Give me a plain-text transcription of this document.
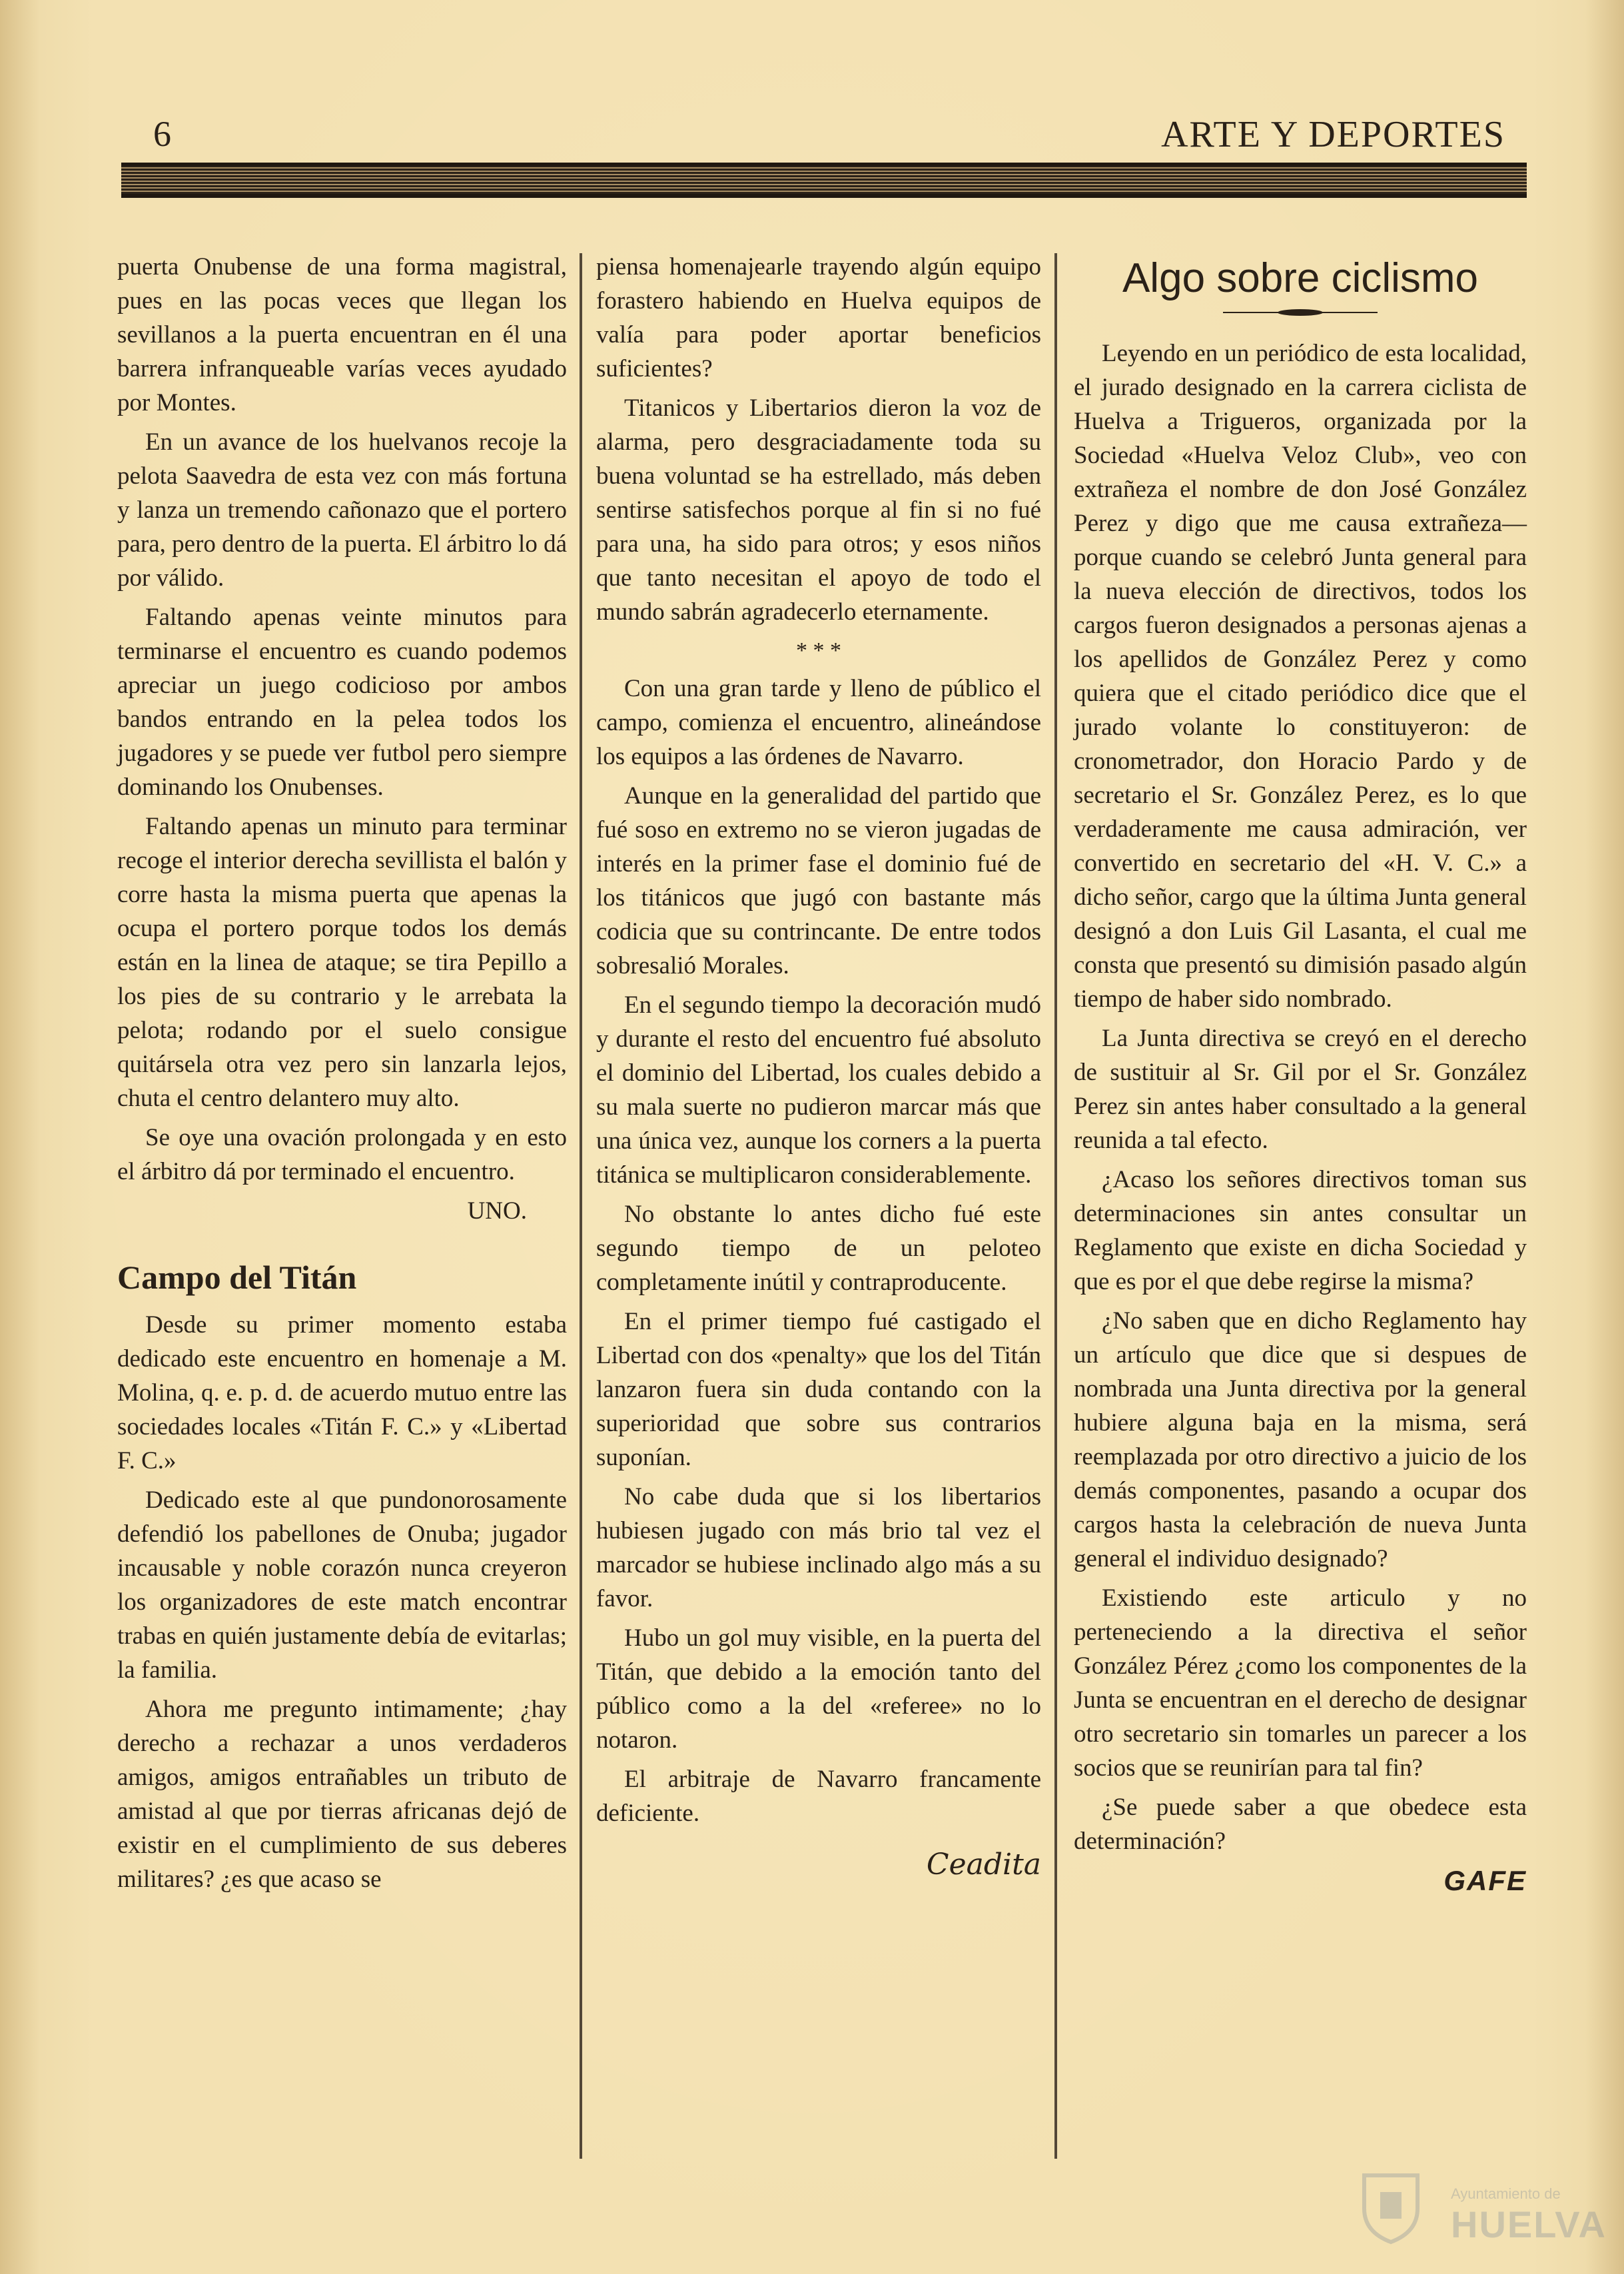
6	ARTE Y DEPORTES

puerta Onubense de una forma magistral, pues en las pocas veces que llegan los sevillanos a la puerta encuentran en él una barrera infranqueable varías veces ayudado por Montes.

En un avance de los huelvanos recoje la pelota Saavedra de esta vez con más fortuna y lanza un tremendo cañonazo que el portero para, pero dentro de la puerta. El árbitro lo dá por válido.

Faltando apenas veinte minutos para terminarse el encuentro es cuando podemos apreciar un juego codicioso por ambos bandos entrando en la pelea todos los jugadores y se puede ver futbol pero siempre dominando los Onubenses.

Faltando apenas un minuto para terminar recoge el interior derecha sevillista el balón y corre hasta la misma puerta que apenas la ocupa el portero porque todos los demás están en la linea de ataque; se tira Pepillo a los pies de su contrario y le arrebata la pelota; rodando por el suelo consigue quitársela otra vez pero sin lanzarla lejos, chuta el centro delantero muy alto.

Se oye una ovación prolongada y en esto el árbitro dá por terminado el encuentro.

UNO.
Campo del Titán

Desde su primer momento estaba dedicado este encuentro en homenaje a M. Molina, q. e. p. d. de acuerdo mutuo entre las sociedades locales «Titán F. C.» y «Libertad F. C.»

Dedicado este al que pundonorosamente defendió los pabellones de Onuba; jugador incausable y noble corazón nunca creyeron los organizadores de este match encontrar trabas en quién justamente debía de evitarlas; la familia.

Ahora me pregunto intimamente; ¿hay derecho a rechazar a unos verdaderos amigos, amigos entrañables un tributo de amistad al que por tierras africanas dejó de existir en el cumplimiento de sus deberes militares? ¿es que acaso se

piensa homenajearle trayendo algún equipo forastero habiendo en Huelva equipos de valía para poder aportar beneficios suficientes?

Titanicos y Libertarios dieron la voz de alarma, pero desgraciadamente toda su buena voluntad se ha estrellado, más deben sentirse satisfechos porque al fin si no fué para una, ha sido para otros; y esos niños que tanto necesitan el apoyo de todo el mundo sabrán agradecerlo eternamente.

* * *

Con una gran tarde y lleno de público el campo, comienza el encuentro, alineándose los equipos a las órdenes de Navarro.

Aunque en la generalidad del partido que fué soso en extremo no se vieron jugadas de interés en la primer fase el dominio fué de los titánicos que jugó con bastante más codicia que su contrincante. De entre todos sobresalió Morales.

En el segundo tiempo la decoración mudó y durante el resto del encuentro fué absoluto el dominio del Libertad, los cuales debido a su mala suerte no pudieron marcar más que una única vez, aunque los corners a la puerta titánica se multiplicaron considerablemente.

No obstante lo antes dicho fué este segundo tiempo de un peloteo completamente inútil y contraproducente.

En el primer tiempo fué castigado el Libertad con dos «penalty» que los del Titán lanzaron fuera sin duda contando con la superioridad que sobre sus contrarios suponían.

No cabe duda que si los libertarios hubiesen jugado con más brio tal vez el marcador se hubiese inclinado algo más a su favor.

Hubo un gol muy visible, en la puerta del Titán, que debido a la emoción tanto del público como a la del «referee» no lo notaron.

El arbitraje de Navarro francamente deficiente.

Ceadita
Algo sobre ciclismo

Leyendo en un periódico de esta localidad, el jurado designado en la carrera ciclista de Huelva a Trigueros, organizada por la Sociedad «Huelva Veloz Club», veo con extrañeza el nombre de don José González Perez y digo que me causa extrañeza—porque cuando se celebró Junta general para la nueva elección de directivos, todos los cargos fueron designados a personas ajenas a los apellidos de González Perez y como quiera que el citado periódico dice que el jurado volante lo constituyeron: de cronometrador, don Horacio Pardo y de secretario el Sr. González Perez, es lo que verdaderamente me causa admiración, ver convertido en secretario del «H. V. C.» a dicho señor, cargo que la última Junta general designó a don Luis Gil Lasanta, el cual me consta que presentó su dimisión pasado algún tiempo de haber sido nombrado.

La Junta directiva se creyó en el derecho de sustituir al Sr. Gil por el Sr. González Perez sin antes haber consultado a la general reunida a tal efecto.

¿Acaso los señores directivos toman sus determinaciones sin antes consultar un Reglamento que existe en dicha Sociedad y que es por el que debe regirse la misma?

¿No saben que en dicho Reglamento hay un artículo que dice que si despues de nombrada una Junta directiva por la general hubiere alguna baja en la misma, será reemplazada por otro directivo a juicio de los demás componentes, pasando a ocupar dos cargos hasta la celebración de nueva Junta general el individuo designado?

Existiendo este articulo y no perteneciendo a la directiva el señor González Pérez ¿como los componentes de la Junta se encuentran en el derecho de designar otro secretario sin tomarles un parecer a los socios que se reunirían para tal fin?

¿Se puede saber a que obedece esta determinación?

GAFE
Ayuntamiento de
HUELVA
